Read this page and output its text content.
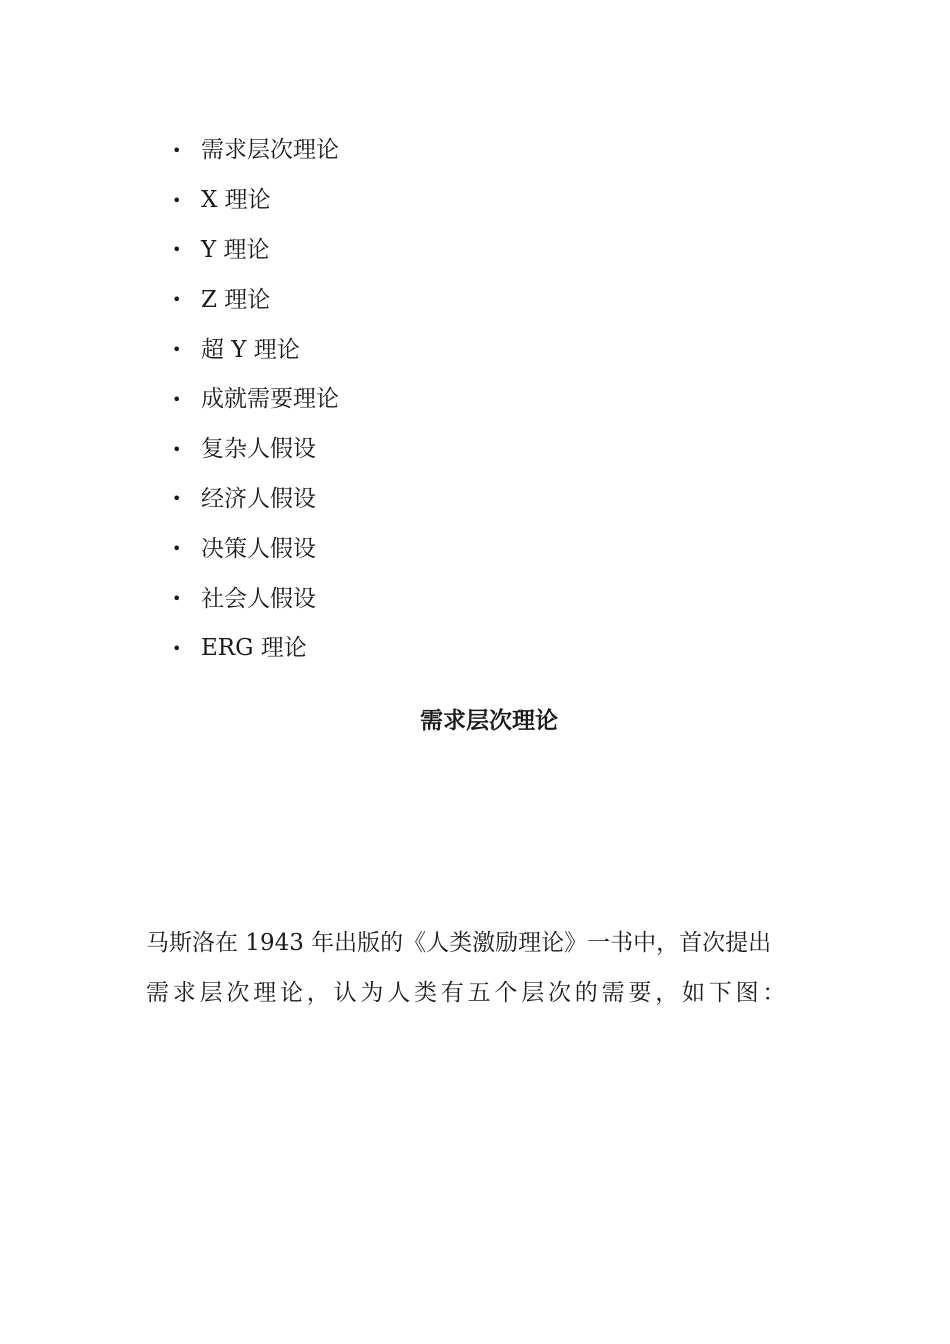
• 需求层次理论
• X 理论
• Y 理论
• Z 理论
• 超 Y 理论
• 成就需要理论
• 复杂人假设
• 经济人假设
• 决策人假设
• 社会人假设
• ERG 理论
需求层次理论

马斯洛在 1943 年出版的《人类激励理论》一书中，首次提出

需求层次理论，认为人类有五个层次的需要，如下图：
